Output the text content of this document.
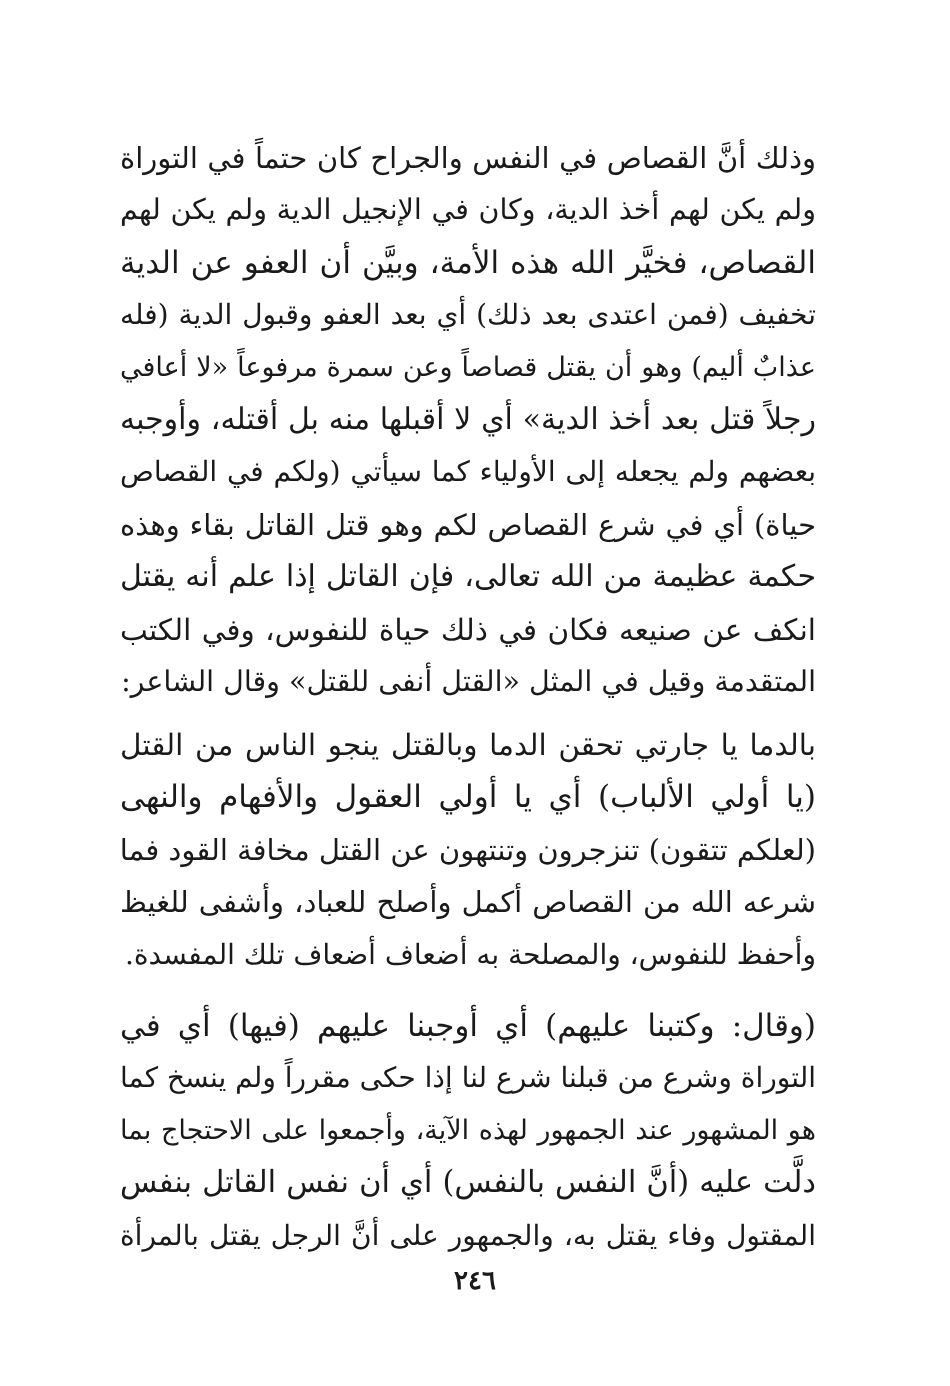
وذلك أنَّ القصاص في النفس والجراح كان حتماً في التوراة
ولم يكن لهم أخذ الدية، وكان في الإنجيل الدية ولم يكن لهم
القصاص، فخيَّر الله هذه الأمة، وبيَّن أن العفو عن الدية
تخفيف (فمن اعتدى بعد ذلك) أي بعد العفو وقبول الدية (فله
عذابٌ أليم) وهو أن يقتل قصاصاً وعن سمرة مرفوعاً «لا أعافي
رجلاً قتل بعد أخذ الدية» أي لا أقبلها منه بل أقتله، وأوجبه
بعضهم ولم يجعله إلى الأولياء كما سيأتي (ولكم في القصاص
حياة) أي في شرع القصاص لكم وهو قتل القاتل بقاء وهذه
حكمة عظيمة من الله تعالى، فإن القاتل إذا علم أنه يقتل
انكف عن صنيعه فكان في ذلك حياة للنفوس، وفي الكتب
المتقدمة وقيل في المثل «القتل أنفى للقتل» وقال الشاعر:
بالدما يا جارتي تحقن الدما وبالقتل ينجو الناس من القتل
(يا أولي الألباب) أي يا أولي العقول والأفهام والنهى
(لعلكم تتقون) تنزجرون وتنتهون عن القتل مخافة القود فما
شرعه الله من القصاص أكمل وأصلح للعباد، وأشفى للغيظ
وأحفظ للنفوس، والمصلحة به أضعاف أضعاف تلك المفسدة.
(وقال: وكتبنا عليهم) أي أوجبنا عليهم (فيها) أي في
التوراة وشرع من قبلنا شرع لنا إذا حكى مقرراً ولم ينسخ كما
هو المشهور عند الجمهور لهذه الآية، وأجمعوا على الاحتجاج بما
دلَّت عليه (أنَّ النفس بالنفس) أي أن نفس القاتل بنفس
المقتول وفاء يقتل به، والجمهور على أنَّ الرجل يقتل بالمرأة
٢٤٦
